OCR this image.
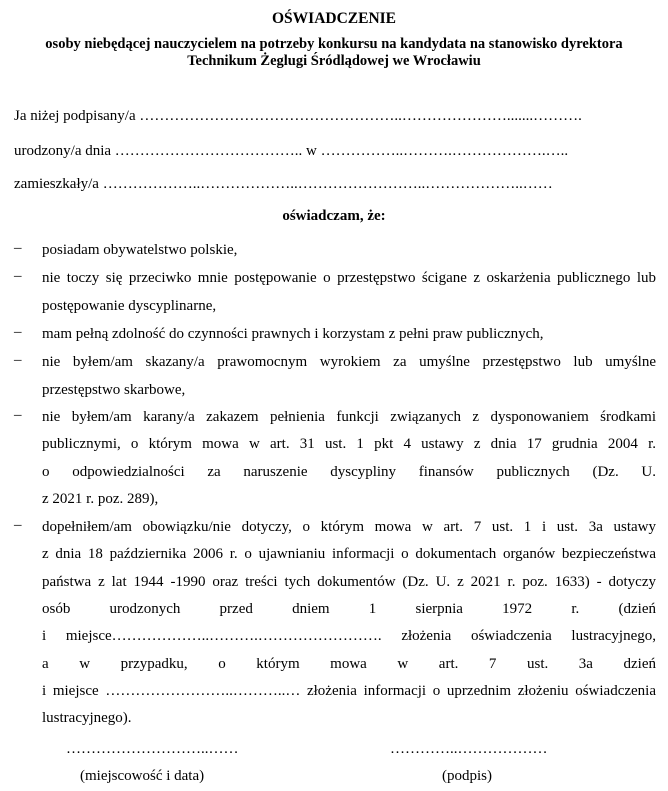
OŚWIADCZENIE
osoby niebędącej nauczycielem na potrzeby konkursu na kandydata na stanowisko dyrektora
Technikum Żeglugi Śródlądowej we Wrocławiu
Ja niżej podpisany/a ……………………………………………..………………….......……….
urodzony/a dnia ……………………………….. w ……………..……….……………….…..
zamieszkały/a ………………..………………..……………………..………………..……
oświadczam, że:
– posiadam obywatelstwo polskie,
– nie toczy się przeciwko mnie postępowanie o przestępstwo ścigane z oskarżenia publicznego lub
postępowanie dyscyplinarne,
– mam pełną zdolność do czynności prawnych i korzystam z pełni praw publicznych,
– nie byłem/am skazany/a prawomocnym wyrokiem za umyślne przestępstwo lub umyślne
przestępstwo skarbowe,
– nie byłem/am karany/a zakazem pełnienia funkcji związanych z dysponowaniem środkami
publicznymi, o którym mowa w art. 31 ust. 1 pkt 4 ustawy z dnia 17 grudnia 2004 r.
o odpowiedzialności za naruszenie dyscypliny finansów publicznych (Dz. U.
z 2021 r. poz. 289),
– dopełniłem/am obowiązku/nie dotyczy, o którym mowa w art. 7 ust. 1 i ust. 3a ustawy
z dnia 18 października 2006 r. o ujawnianiu informacji o dokumentach organów bezpieczeństwa
państwa z lat 1944 -1990 oraz treści tych dokumentów (Dz. U. z 2021 r. poz. 1633) - dotyczy
osób urodzonych przed dniem 1 sierpnia 1972 r. (dzień
i miejsce………………..……….……………………. złożenia oświadczenia lustracyjnego,
a w przypadku, o którym mowa w art. 7 ust. 3a dzień
i miejsce ……………………..………..… złożenia informacji o uprzednim złożeniu oświadczenia
lustracyjnego).
………………………..……
(miejscowość i data)
…………..………………
(podpis)
